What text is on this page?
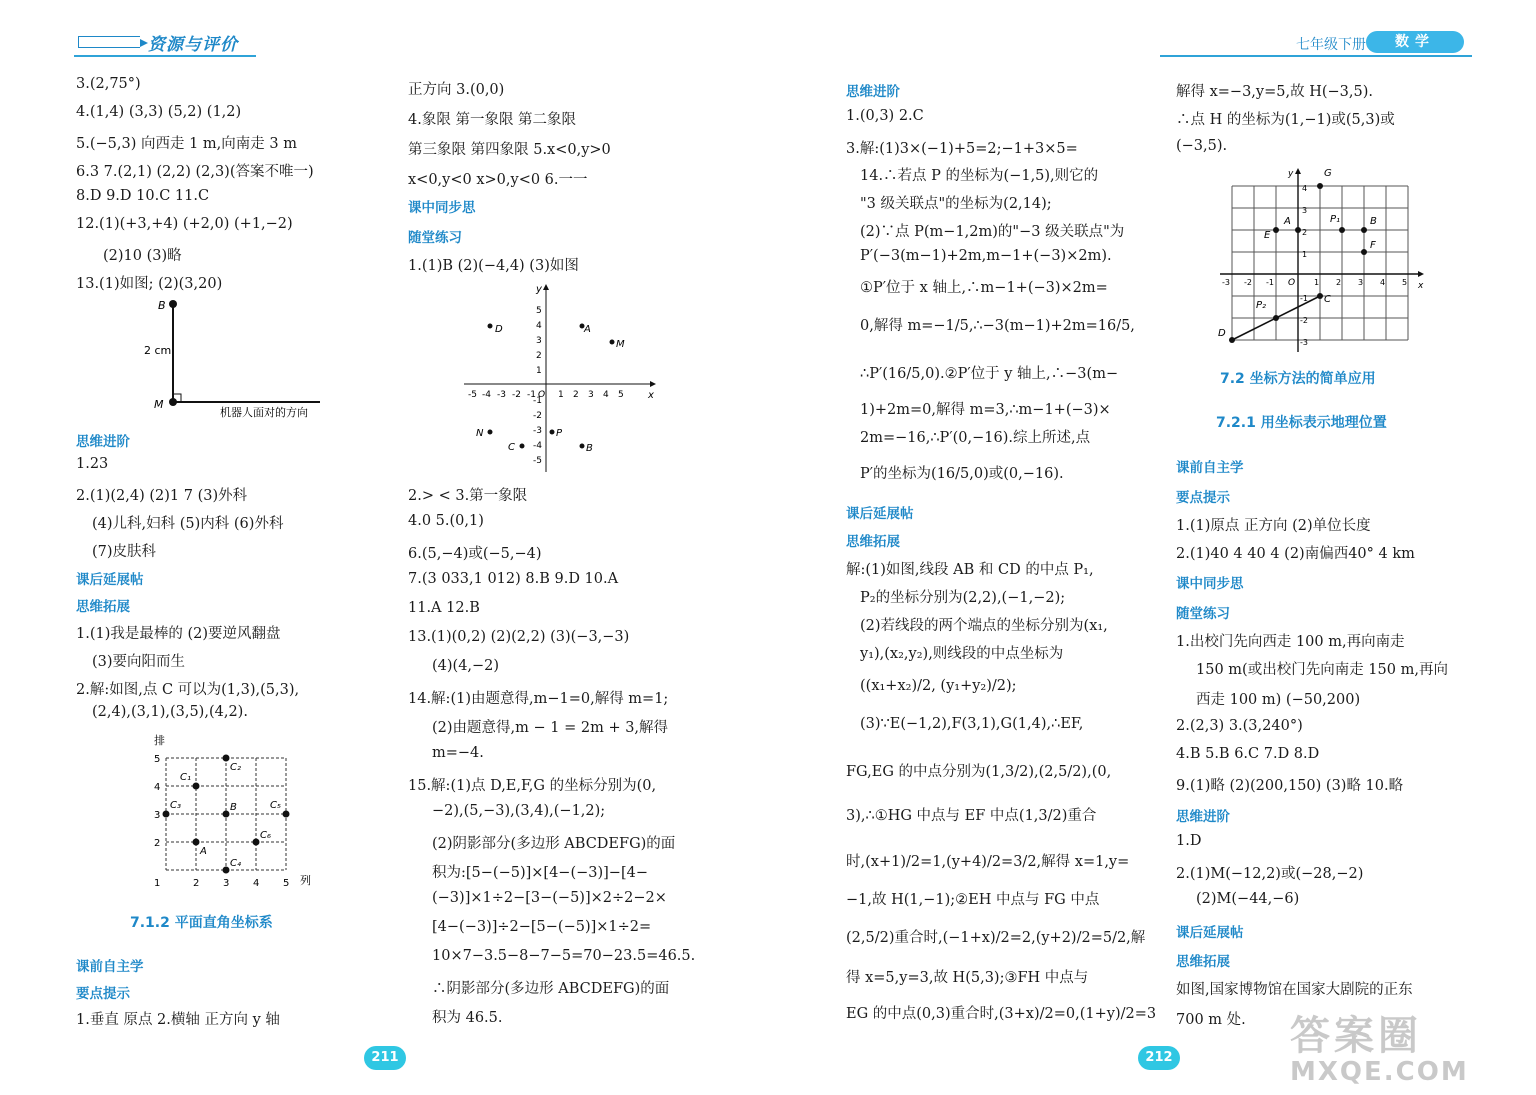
资源与评价
3.(2,75°)
4.(1,4) (3,3) (5,2) (1,2)
5.(−5,3) 向西走 1 m,向南走 3 m
6.3 7.(2,1) (2,2) (2,3)(答案不唯一)
8.D 9.D 10.C 11.C
12.(1)(+3,+4) (+2,0) (+1,−2)
(2)10 (3)略
13.(1)如图; (2)(3,20)
B
M
2 cm
机器人面对的方向
思维进阶
1.23
2.(1)(2,4) (2)1 7 (3)外科
(4)儿科,妇科 (5)内科 (6)外科
(7)皮肤科
课后延展帖
思维拓展
1.(1)我是最棒的 (2)要逆风翻盘
(3)要向阳而生
2.解:如图,点 C 可以为(1,3),(5,3),
(2,4),(3,1),(3,5),(4,2).
排
列
5
4
3
2
1	2 3 4 5
C₁
C₂
C₃	C₅
C₆
B
A
C₄
7.1.2 平面直角坐标系
课前自主学
要点提示
1.垂直 原点 2.横轴 正方向 y 轴
正方向 3.(0,0)
4.象限 第一象限 第二象限
第三象限 第四象限 5.x<0,y>0
x<0,y<0 x>0,y<0 6.一一
课中同步思
随堂练习
1.(1)B (2)(−4,4) (3)如图
x
y
O
-5 -4 -3 -2 -1 1 2 3 4 5
5
4
3
2
1
-1
-2
-3
-4
-5
D	A
M
N
C
P
B
2.> < 3.第一象限
4.0 5.(0,1)
6.(5,−4)或(−5,−4)
7.(3 033,1 012) 8.B 9.D 10.A
11.A 12.B
13.(1)(0,2) (2)(2,2) (3)(−3,−3)
(4)(4,−2)
14.解:(1)由题意得,m−1=0,解得 m=1;
(2)由题意得,m − 1 = 2m + 3,解得
m=−4.
15.解:(1)点 D,E,F,G 的坐标分别为(0,
−2),(5,−3),(3,4),(−1,2);
(2)阴影部分(多边形 ABCDEFG)的面
积为:[5−(−5)]×[4−(−3)]−[4−
(−3)]×1÷2−[3−(−5)]×2÷2−2×
[4−(−3)]÷2−[5−(−5)]×1÷2=
10×7−3.5−8−7−5=70−23.5=46.5.
∴阴影部分(多边形 ABCDEFG)的面
积为 46.5.
211
七年级下册	数学
思维进阶
1.(0,3) 2.C
3.解:(1)3×(−1)+5=2;−1+3×5=
14.∴若点 P 的坐标为(−1,5),则它的
"3 级关联点"的坐标为(2,14);
(2)∵点 P(m−1,2m)的"−3 级关联点"为
P′(−3(m−1)+2m,m−1+(−3)×2m).
①P′位于 x 轴上,∴m−1+(−3)×2m=
0,解得 m=−1/5,∴−3(m−1)+2m=16/5,
∴P′(16/5,0).②P′位于 y 轴上,∴−3(m−
1)+2m=0,解得 m=3,∴m−1+(−3)×
2m=−16,∴P′(0,−16).综上所述,点
P′的坐标为(16/5,0)或(0,−16).
课后延展帖
思维拓展
解:(1)如图,线段 AB 和 CD 的中点 P₁,
P₂的坐标分别为(2,2),(−1,−2);
(2)若线段的两个端点的坐标分别为(x₁,
y₁),(x₂,y₂),则线段的中点坐标为
((x₁+x₂)/2, (y₁+y₂)/2);
(3)∵E(−1,2),F(3,1),G(1,4),∴EF,
FG,EG 的中点分别为(1,3/2),(2,5/2),(0,
3),∴①HG 中点与 EF 中点(1,3/2)重合
时,(x+1)/2=1,(y+4)/2=3/2,解得 x=1,y=
−1,故 H(1,−1);②EH 中点与 FG 中点
(2,5/2)重合时,(−1+x)/2=2,(y+2)/2=5/2,解
得 x=5,y=3,故 H(5,3);③FH 中点与
EG 的中点(0,3)重合时,(3+x)/2=0,(1+y)/2=3
解得 x=−3,y=5,故 H(−3,5).
∴点 H 的坐标为(1,−1)或(5,3)或
(−3,5).
x
y
O
-3 -2 -1	1 2 3 4 5
4
3
2
1
-1
-2
-3
G
A	P₁	B
E
F
P₂
C
D
7.2 坐标方法的简单应用
7.2.1 用坐标表示地理位置
课前自主学
要点提示
1.(1)原点 正方向 (2)单位长度
2.(1)40 4 40 4 (2)南偏西40° 4 km
课中同步思
随堂练习
1.出校门先向西走 100 m,再向南走
150 m(或出校门先向南走 150 m,再向
西走 100 m) (−50,200)
2.(2,3) 3.(3,240°)
4.B 5.B 6.C 7.D 8.D
9.(1)略 (2)(200,150) (3)略 10.略
思维进阶
1.D
2.(1)M(−12,2)或(−28,−2)
(2)M(−44,−6)
课后延展帖
思维拓展
如图,国家博物馆在国家大剧院的正东
700 m 处.
212	答案圈
MXQE.COM
